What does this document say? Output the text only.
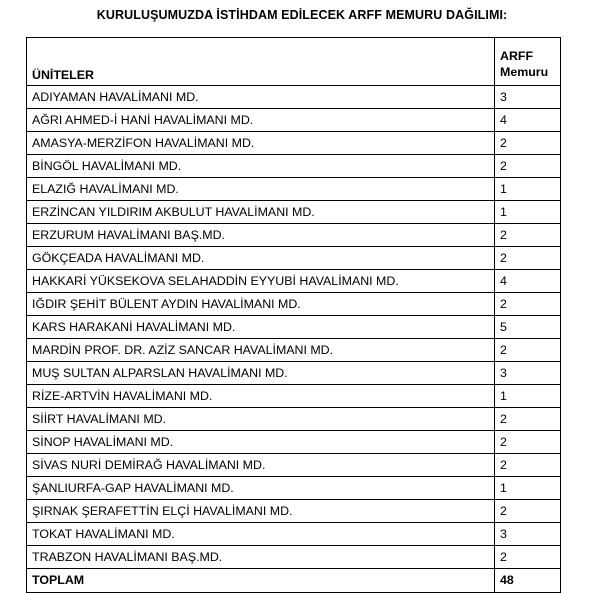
KURULUŞUMUZDA İSTİHDAM EDİLECEK ARFF MEMURU DAĞILIMI:
ÜNİTELER	ARFF Memuru
ADIYAMAN HAVALİMANI MD.	3
AĞRI AHMED-İ HANİ HAVALİMANI MD.	4
AMASYA-MERZİFON HAVALİMANI MD.	2
BİNGÖL HAVALİMANI MD.	2
ELAZIĞ HAVALİMANI MD.	1
ERZİNCAN YILDIRIM AKBULUT HAVALİMANI MD.	1
ERZURUM HAVALİMANI BAŞ.MD.	2
GÖKÇEADA HAVALİMANI MD.	2
HAKKARİ YÜKSEKOVA SELAHADDİN EYYUBİ HAVALİMANI MD.	4
IĞDIR ŞEHİT BÜLENT AYDIN HAVALİMANI MD.	2
KARS HARAKANİ HAVALİMANI MD.	5
MARDİN PROF. DR. AZİZ SANCAR HAVALİMANI MD.	2
MUŞ SULTAN ALPARSLAN HAVALİMANI MD.	3
RİZE-ARTVİN HAVALİMANI MD.	1
SİİRT HAVALİMANI MD.	2
SİNOP HAVALİMANI MD.	2
SİVAS NURİ DEMİRAĞ HAVALİMANI MD.	2
ŞANLIURFA-GAP HAVALİMANI MD.	1
ŞIRNAK ŞERAFETTİN ELÇİ HAVALİMANI MD.	2
TOKAT HAVALİMANI MD.	3
TRABZON HAVALİMANI BAŞ.MD.	2
TOPLAM	48
